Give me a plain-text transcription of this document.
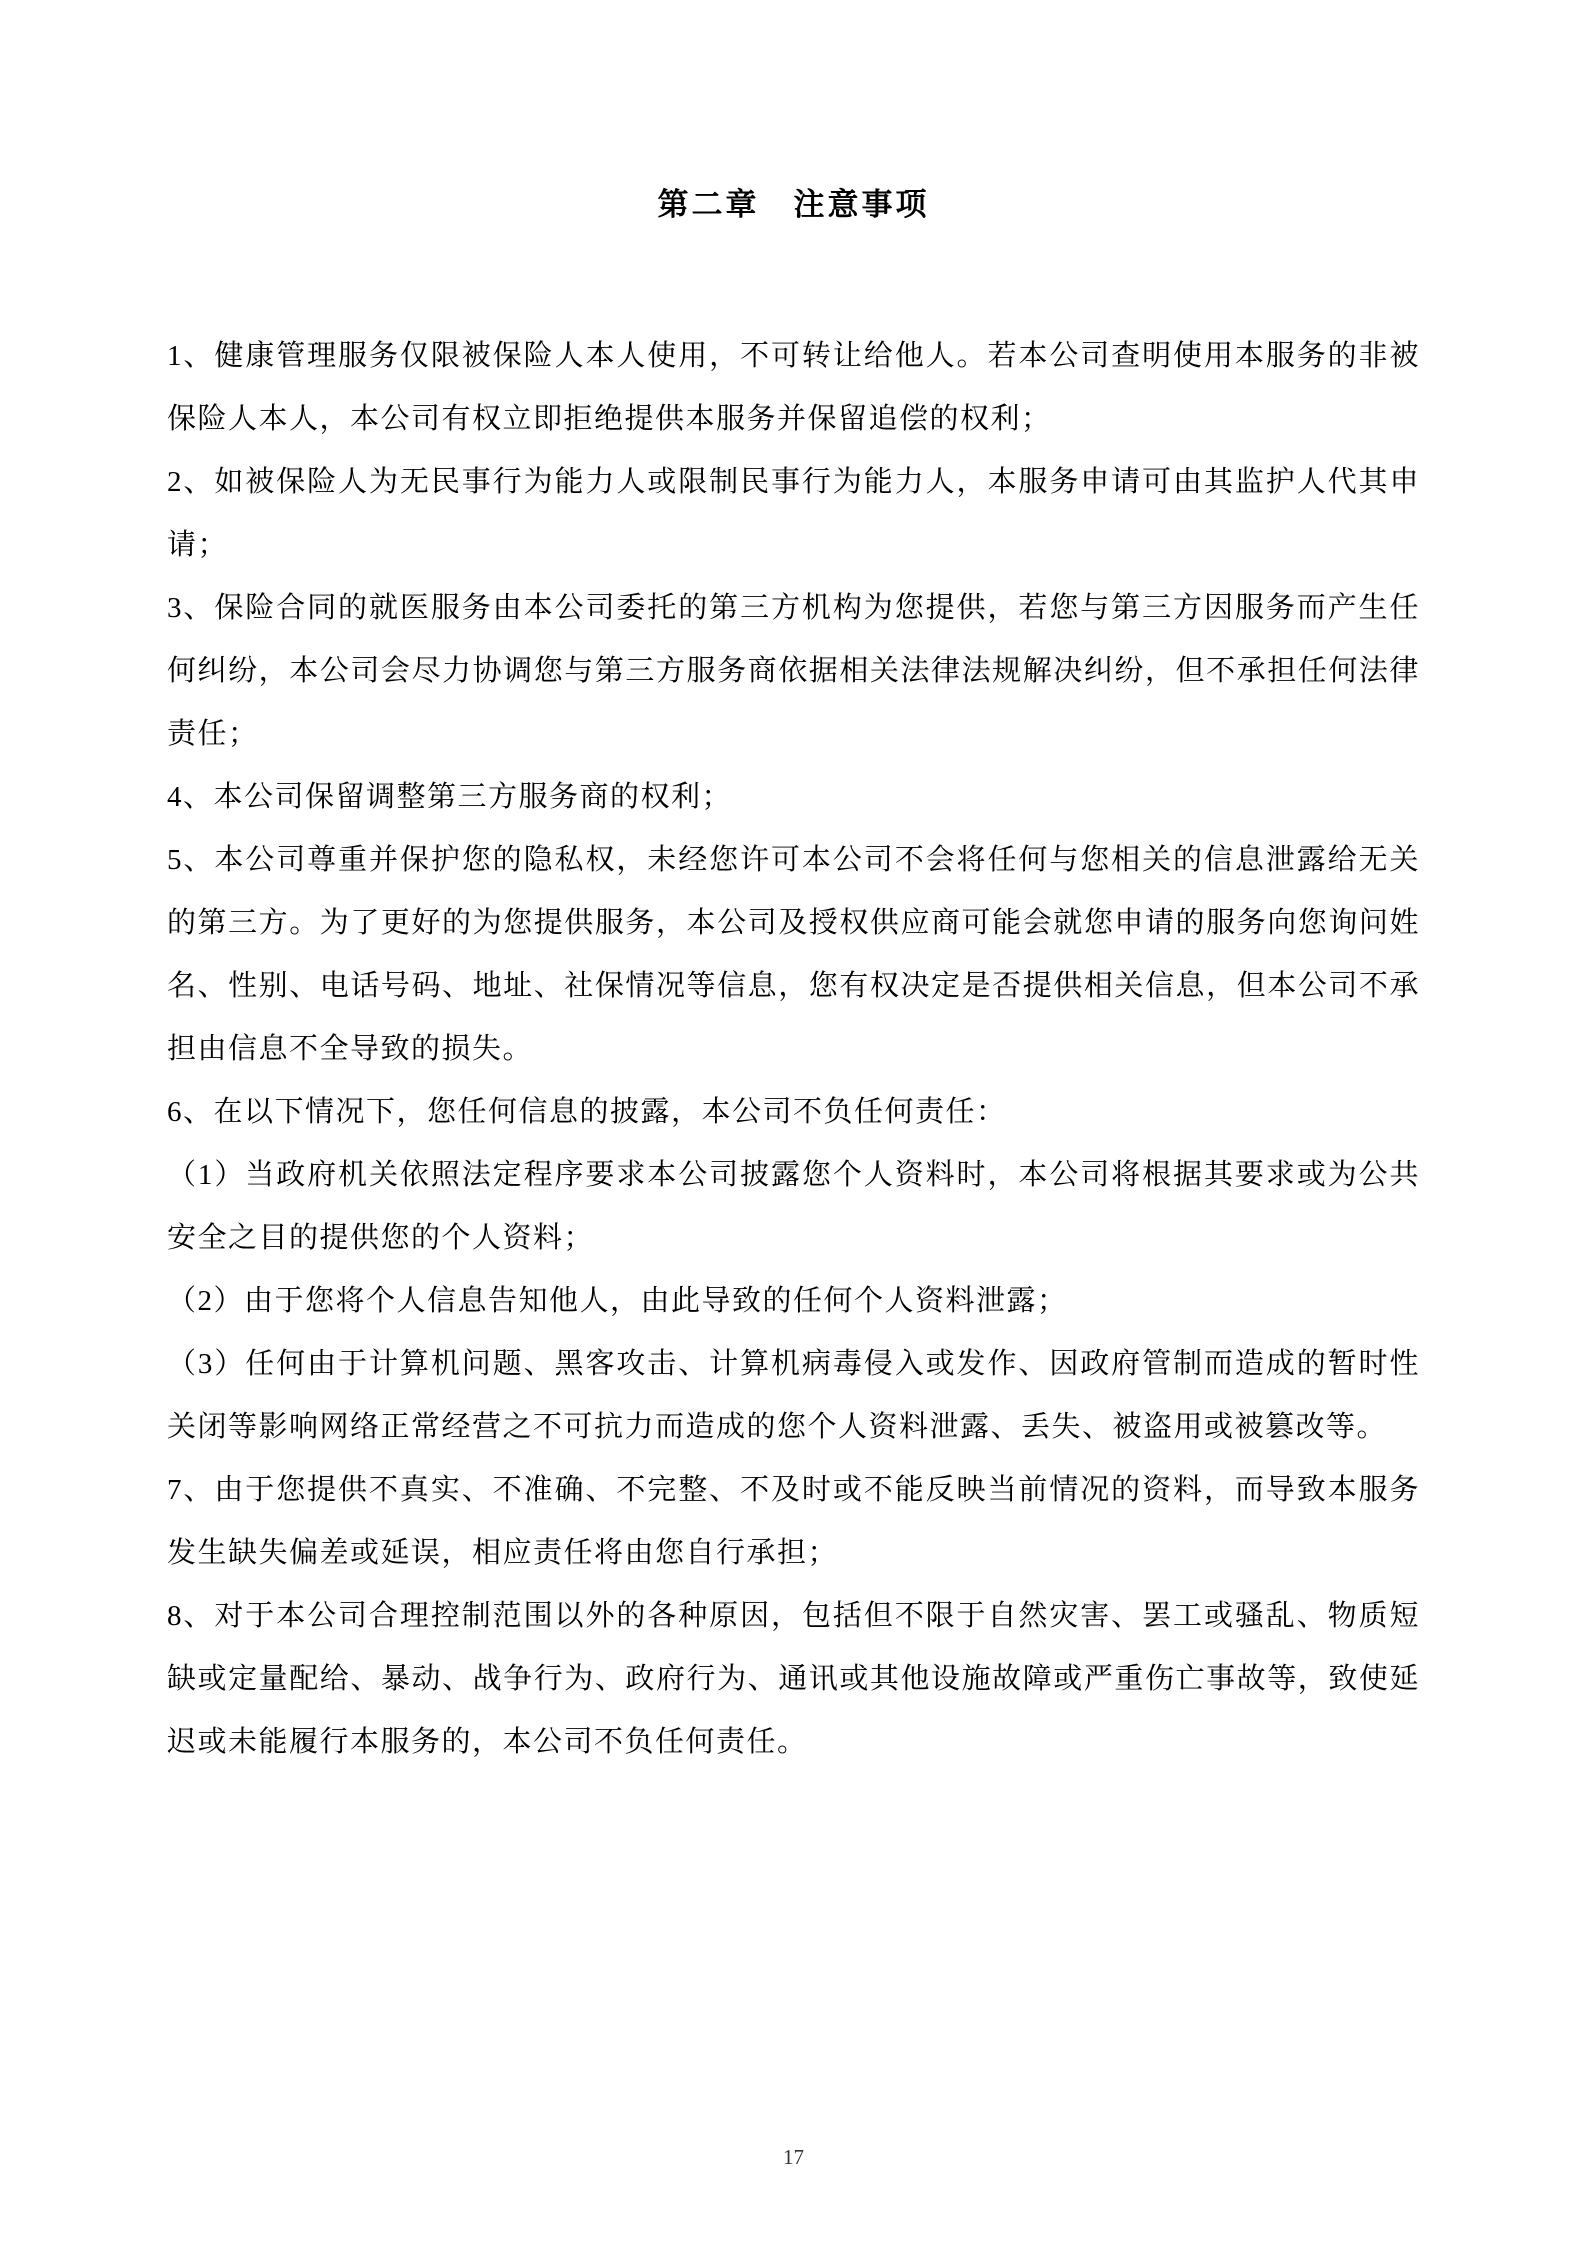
第二章　注意事项

1、健康管理服务仅限被保险人本人使用，不可转让给他人。若本公司查明使用本服务的非被保险人本人，本公司有权立即拒绝提供本服务并保留追偿的权利；

2、如被保险人为无民事行为能力人或限制民事行为能力人，本服务申请可由其监护人代其申请；

3、保险合同的就医服务由本公司委托的第三方机构为您提供，若您与第三方因服务而产生任何纠纷，本公司会尽力协调您与第三方服务商依据相关法律法规解决纠纷，但不承担任何法律责任；

4、本公司保留调整第三方服务商的权利；

5、本公司尊重并保护您的隐私权，未经您许可本公司不会将任何与您相关的信息泄露给无关的第三方。为了更好的为您提供服务，本公司及授权供应商可能会就您申请的服务向您询问姓名、性别、电话号码、地址、社保情况等信息，您有权决定是否提供相关信息，但本公司不承担由信息不全导致的损失。

6、在以下情况下，您任何信息的披露，本公司不负任何责任：

（1）当政府机关依照法定程序要求本公司披露您个人资料时，本公司将根据其要求或为公共安全之目的提供您的个人资料；

（2）由于您将个人信息告知他人，由此导致的任何个人资料泄露；

（3）任何由于计算机问题、黑客攻击、计算机病毒侵入或发作、因政府管制而造成的暂时性关闭等影响网络正常经营之不可抗力而造成的您个人资料泄露、丢失、被盗用或被篡改等。

7、由于您提供不真实、不准确、不完整、不及时或不能反映当前情况的资料，而导致本服务发生缺失偏差或延误，相应责任将由您自行承担；

8、对于本公司合理控制范围以外的各种原因，包括但不限于自然灾害、罢工或骚乱、物质短缺或定量配给、暴动、战争行为、政府行为、通讯或其他设施故障或严重伤亡事故等，致使延迟或未能履行本服务的，本公司不负任何责任。

17
